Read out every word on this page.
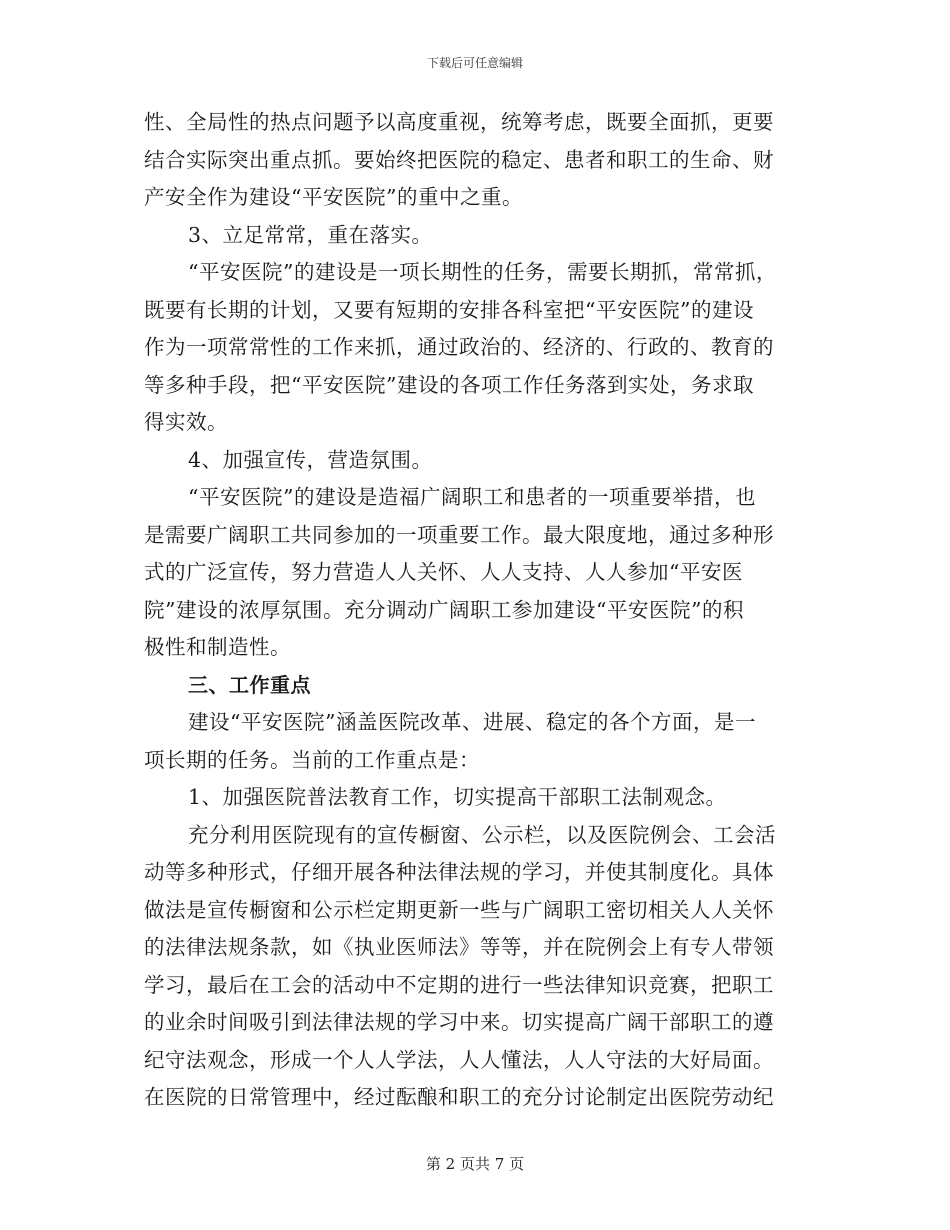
下载后可任意编辑
性、全局性的热点问题予以高度重视，统筹考虑，既要全面抓，更要
结合实际突出重点抓。要始终把医院的稳定、患者和职工的生命、财
产安全作为建设“平安医院”的重中之重。
3、立足常常，重在落实。
“平安医院”的建设是一项长期性的任务，需要长期抓，常常抓，
既要有长期的计划，又要有短期的安排各科室把“平安医院”的建设
作为一项常常性的工作来抓，通过政治的、经济的、行政的、教育的
等多种手段，把“平安医院”建设的各项工作任务落到实处，务求取
得实效。
4、加强宣传，营造氛围。
“平安医院”的建设是造福广阔职工和患者的一项重要举措，也
是需要广阔职工共同参加的一项重要工作。最大限度地，通过多种形
式的广泛宣传，努力营造人人关怀、人人支持、人人参加“平安医
院”建设的浓厚氛围。充分调动广阔职工参加建设“平安医院”的积
极性和制造性。
三、工作重点
建设“平安医院”涵盖医院改革、进展、稳定的各个方面，是一
项长期的任务。当前的工作重点是：
1、加强医院普法教育工作，切实提高干部职工法制观念。
充分利用医院现有的宣传橱窗、公示栏，以及医院例会、工会活
动等多种形式，仔细开展各种法律法规的学习，并使其制度化。具体
做法是宣传橱窗和公示栏定期更新一些与广阔职工密切相关人人关怀
的法律法规条款，如《执业医师法》等等，并在院例会上有专人带领
学习，最后在工会的活动中不定期的进行一些法律知识竞赛，把职工
的业余时间吸引到法律法规的学习中来。切实提高广阔干部职工的遵
纪守法观念，形成一个人人学法，人人懂法，人人守法的大好局面。
在医院的日常管理中，经过酝酿和职工的充分讨论制定出医院劳动纪
第 2 页共 7 页
